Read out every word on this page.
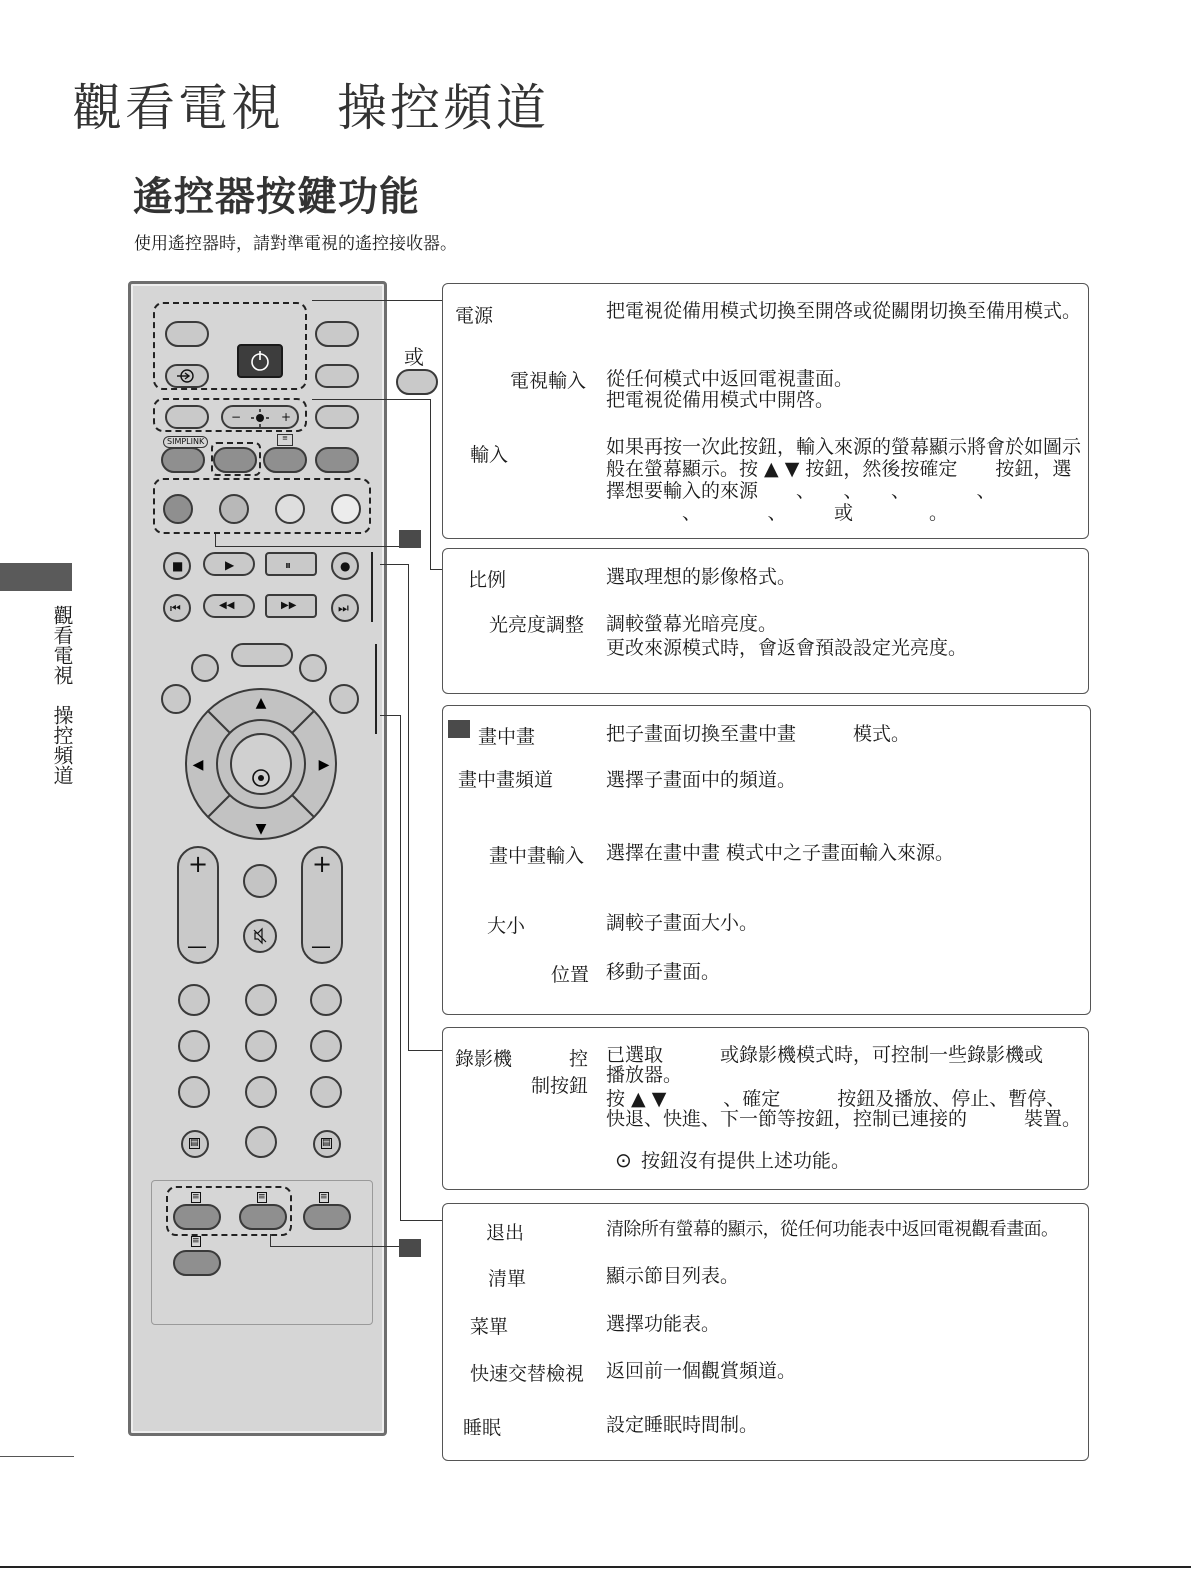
觀看電視　操控頻道
遙控器按鍵功能
使用遙控器時，請對準電視的遙控接收器。
觀看電視　操控頻道
−	+
SIMPLINK	≡
■	▶	⏸	●
⏮	◀◀	▶▶	⏭
▲
▼
◀	▶
+
—
+
—
▤	▤
≡	≡	≡
≡
或
電源	把電視從備用模式切換至開啓或從關閉切換至備用模式。
電視輸入 從任何模式中返回電視畫面。
把電視從備用模式中開啓。
輸入	如果再按一次此按鈕，輸入來源的螢幕顯示將會於如圖示般在螢幕顯示。按 ▲ ▼ 按鈕，然後按確定　　按鈕，選擇想要輸入的來源　　、　　、　　、　　　　、
　　　　、　　　　、　　　或　　　　。
比例	選取理想的影像格式。
光亮度調整 調較螢幕光暗亮度。
更改來源模式時，會返會預設設定光亮度。
畫中畫	把子畫面切換至畫中畫　　　模式。
畫中畫頻道	選擇子畫面中的頻道。
畫中畫輸入 選擇在畫中畫 模式中之子畫面輸入來源。
大小	調較子畫面大小。
位置 移動子畫面。
錄影機　　　控
制按鈕
已選取　　　或錄影機模式時，可控制一些錄影機或　　播放器。
按 ▲ ▼　　　、確定　　　按鈕及播放、停止、暫停、快退、快進、下一節等按鈕，控制已連接的　　　裝置。
⊙ 按鈕沒有提供上述功能。
退出	清除所有螢幕的顯示，從任何功能表中返回電視觀看畫面。
清單	顯示節目列表。
菜單	選擇功能表。
快速交替檢視 返回前一個觀賞頻道。
睡眠	設定睡眠時間制。
